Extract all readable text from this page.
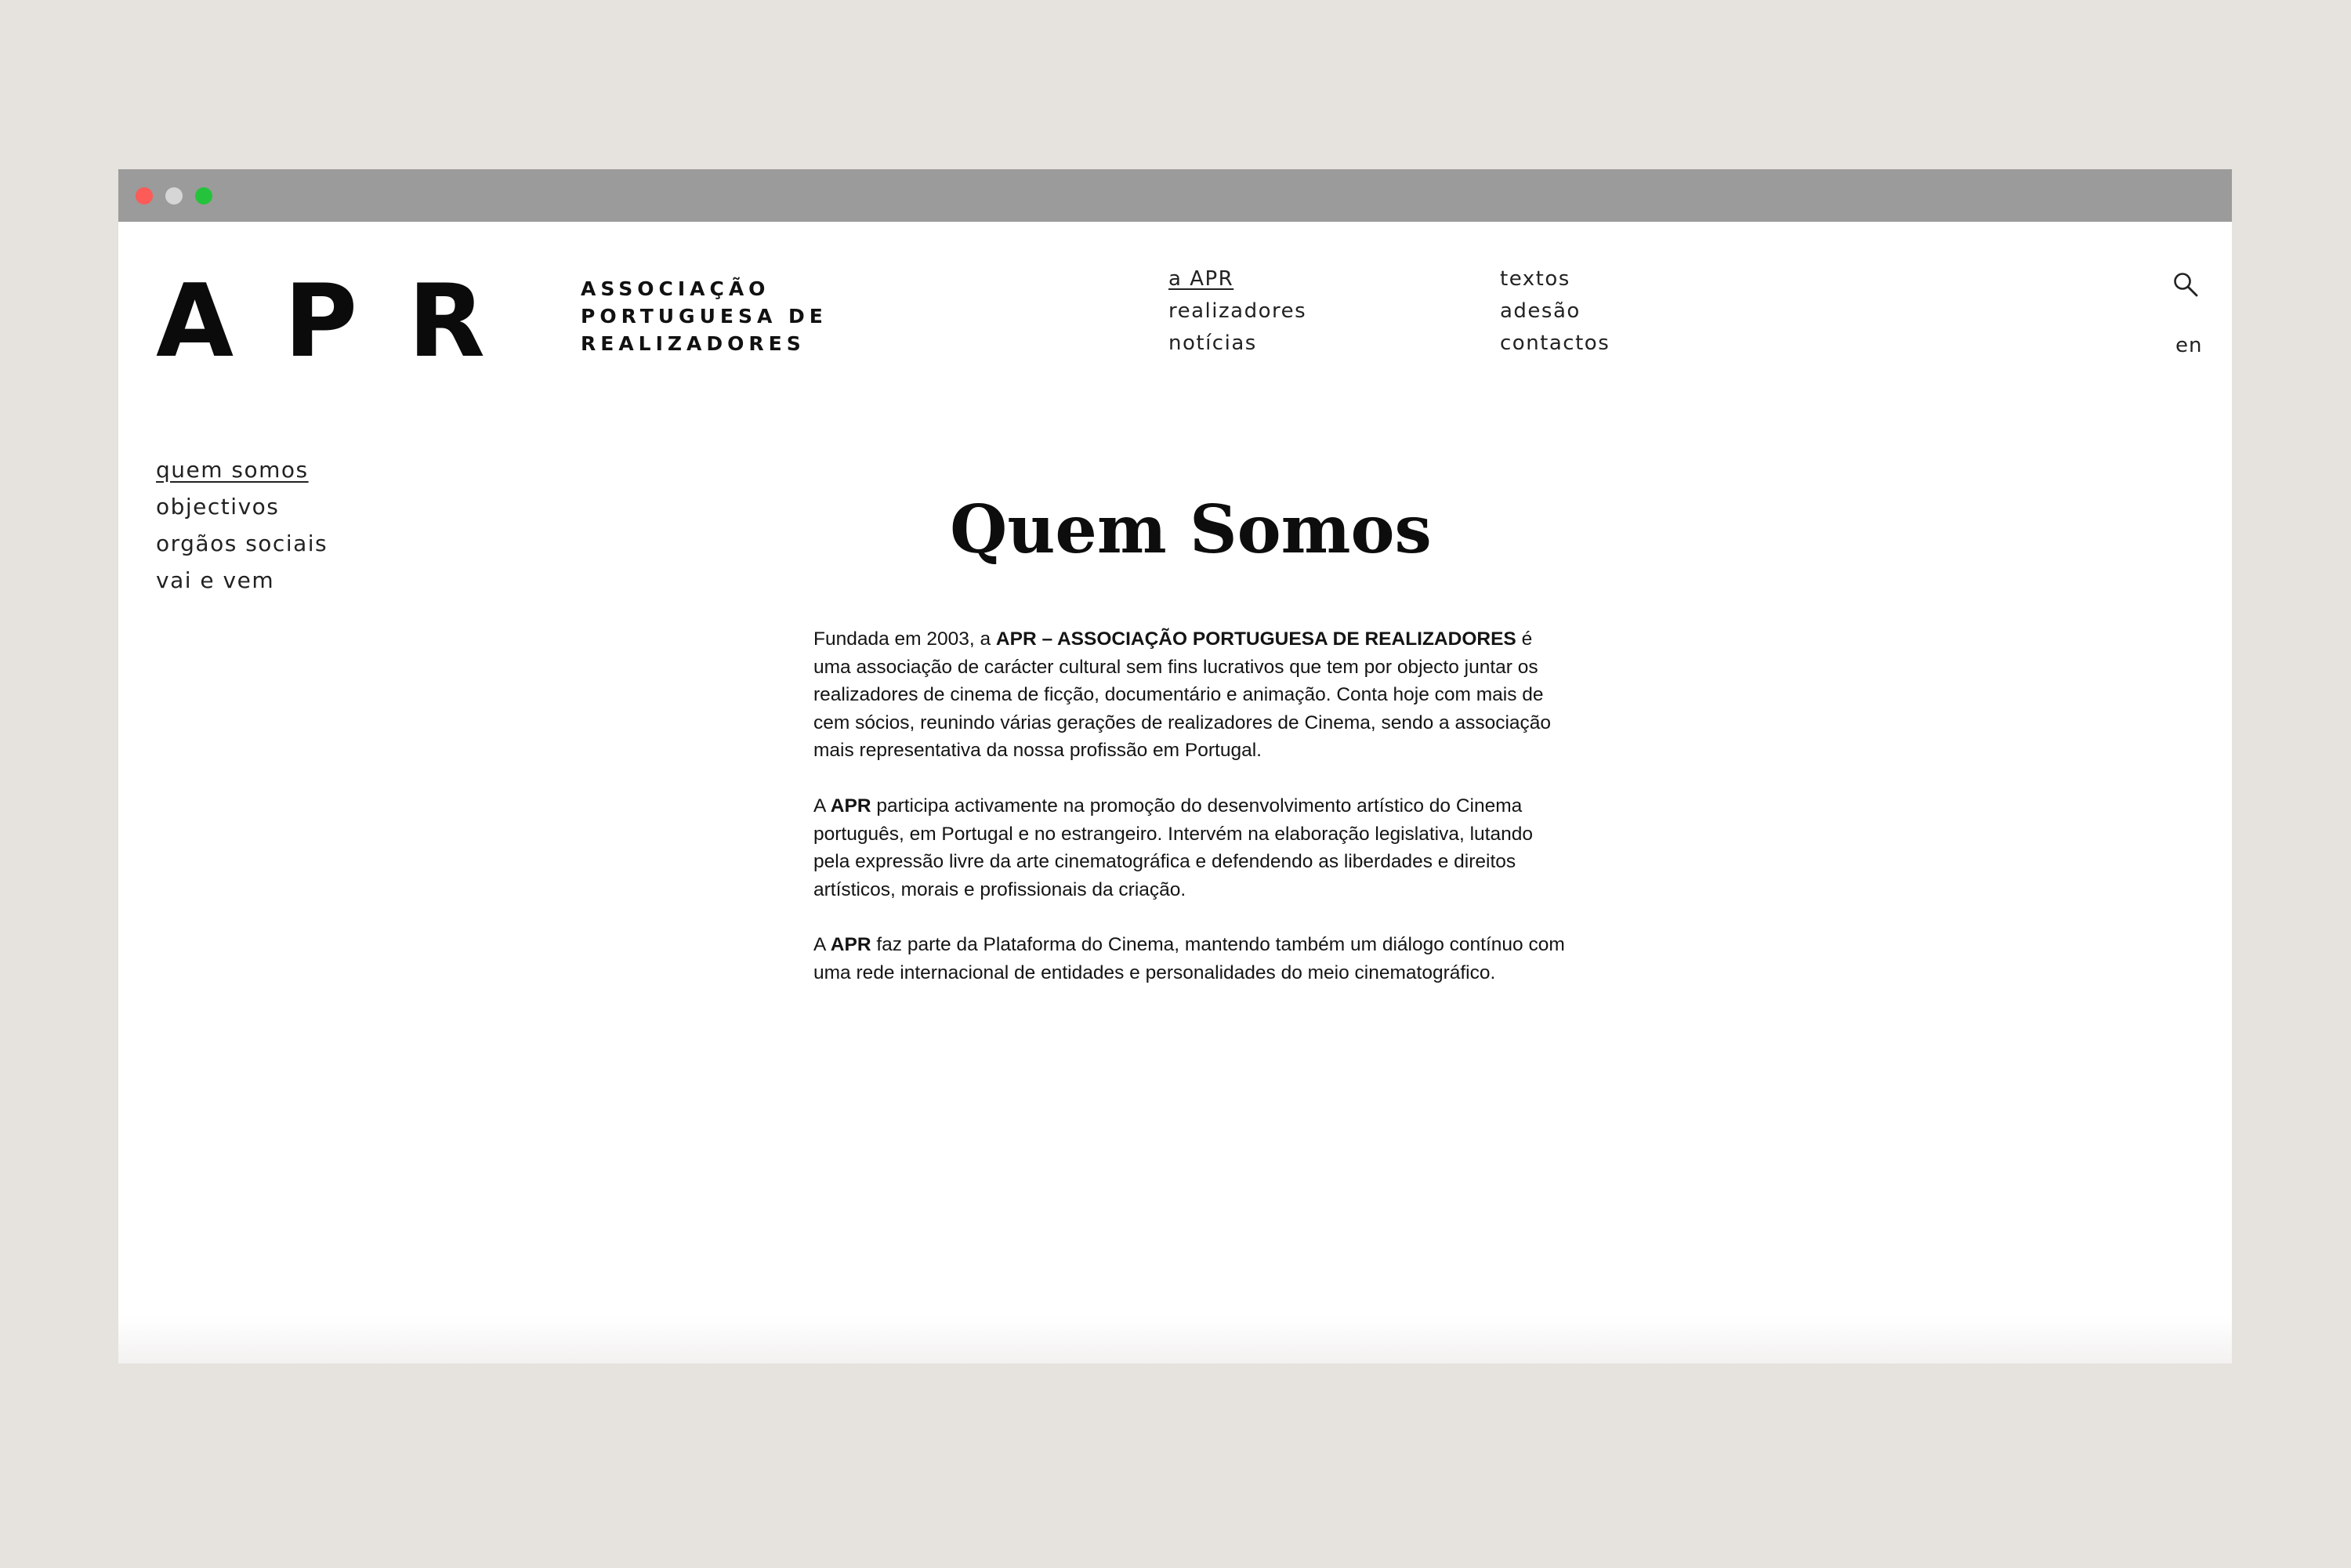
A P R	ASSOCIAÇÃO
PORTUGUESA DE
REALIZADORES
a APR
realizadores
notícias
textos
adesão
contactos	en
quem somos
objectivos
orgãos sociais
vai e vem
Quem Somos

Fundada em 2003, a APR – ASSOCIAÇÃO PORTUGUESA DE REALIZADORES é uma associação de carácter cultural sem fins lucrativos que tem por objecto juntar os realizadores de cinema de ficção, documentário e animação. Conta hoje com mais de cem sócios, reunindo várias gerações de realizadores de Cinema, sendo a associação mais representativa da nossa profissão em Portugal.

A APR participa activamente na promoção do desenvolvimento artístico do Cinema português, em Portugal e no estrangeiro. Intervém na elaboração legislativa, lutando pela expressão livre da arte cinematográfica e defendendo as liberdades e direitos artísticos, morais e profissionais da criação.

A APR faz parte da Plataforma do Cinema, mantendo também um diálogo contínuo com uma rede internacional de entidades e personalidades do meio cinematográfico.
